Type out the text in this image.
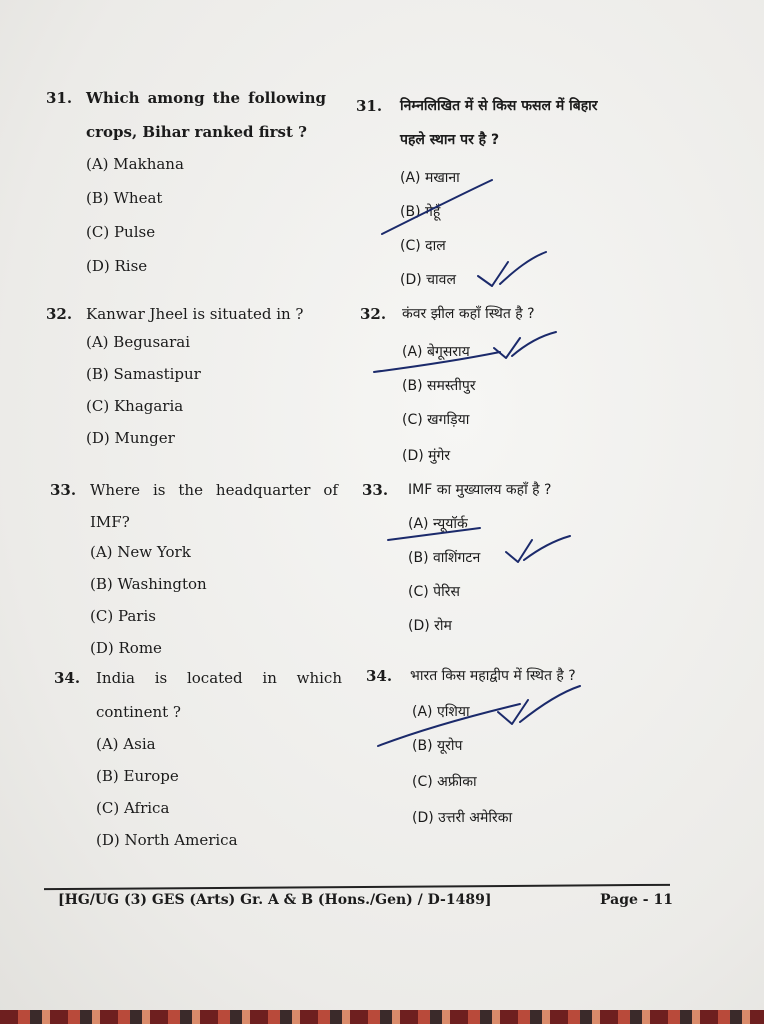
31. Which among the following
crops, Bihar ranked first ?
(A) Makhana
(B) Wheat
(C) Pulse
(D) Rise
31. निम्नलिखित में से किस फसल में बिहार
पहले स्थान पर है ?
(A) मखाना
(B) गेहूँ
(C) दाल
(D) चावल
32. Kanwar Jheel is situated in ?
(A) Begusarai
(B) Samastipur
(C) Khagaria
(D) Munger
32. कंवर झील कहाँ स्थित है ?
(A) बेगूसराय
(B) समस्तीपुर
(C) खगड़िया
(D) मुंगेर
33. Where is the headquarter of
IMF?
(A) New York
(B) Washington
(C) Paris
(D) Rome
33. IMF का मुख्यालय कहाँ है ?
(A) न्यूयॉर्क
(B) वाशिंगटन
(C) पेरिस
(D) रोम
34. India is located in which
continent ?
(A) Asia
(B) Europe
(C) Africa
(D) North America
34. भारत किस महाद्वीप में स्थित है ?
(A) एशिया
(B) यूरोप
(C) अफ्रीका
(D) उत्तरी अमेरिका
[HG/UG (3) GES (Arts) Gr. A & B (Hons./Gen) / D-1489]	Page - 11
